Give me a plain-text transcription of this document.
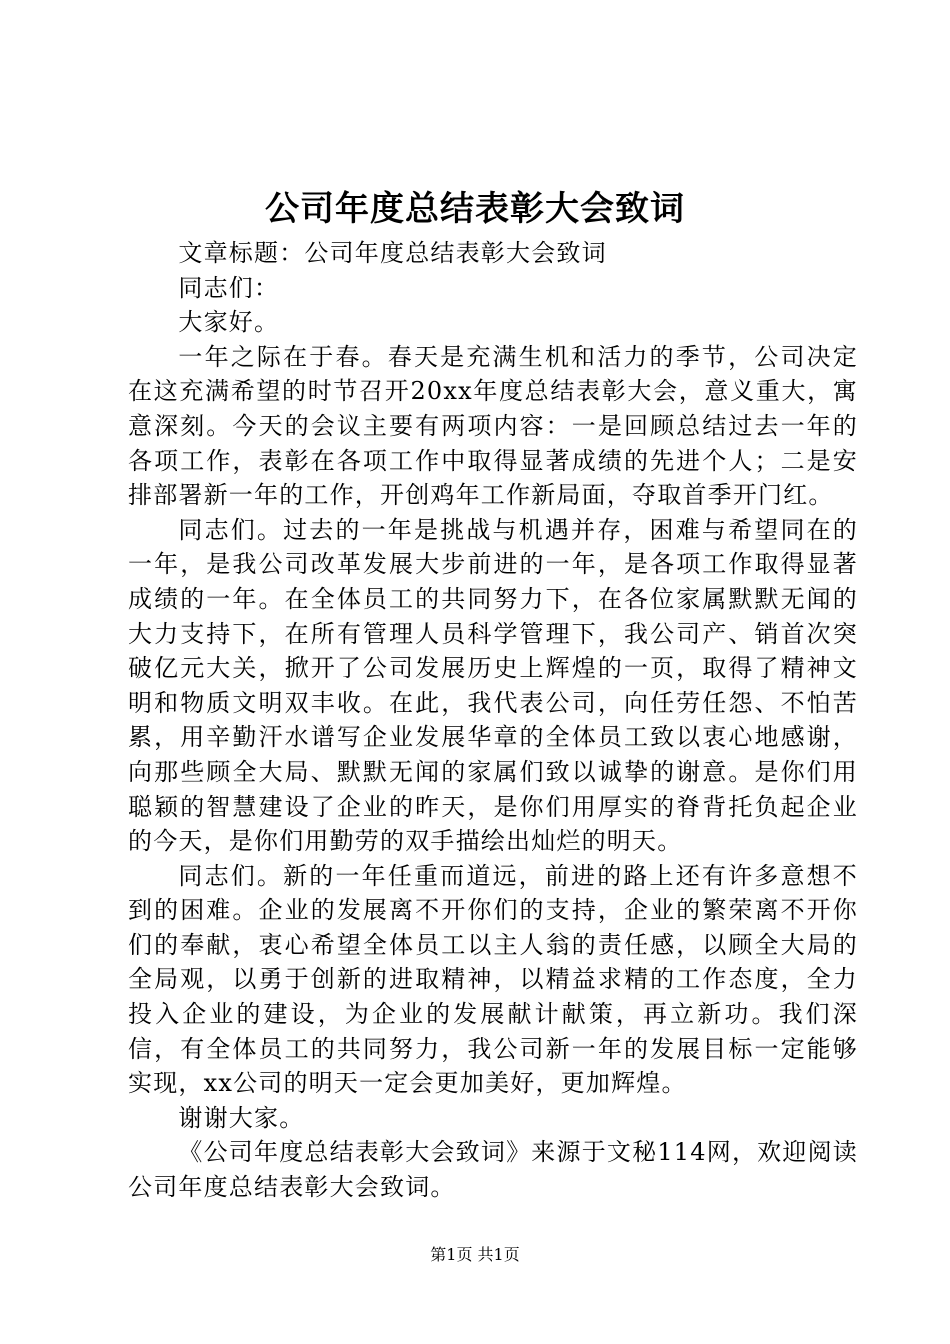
公司年度总结表彰大会致词

文章标题：公司年度总结表彰大会致词

同志们：

大家好。

一年之际在于春。春天是充满生机和活力的季节，公司决定在这充满希望的时节召开20xx年度总结表彰大会，意义重大，寓意深刻。今天的会议主要有两项内容：一是回顾总结过去一年的各项工作，表彰在各项工作中取得显著成绩的先进个人；二是安排部署新一年的工作，开创鸡年工作新局面，夺取首季开门红。

同志们。过去的一年是挑战与机遇并存，困难与希望同在的一年，是我公司改革发展大步前进的一年，是各项工作取得显著成绩的一年。在全体员工的共同努力下，在各位家属默默无闻的大力支持下，在所有管理人员科学管理下，我公司产、销首次突破亿元大关，掀开了公司发展历史上辉煌的一页，取得了精神文明和物质文明双丰收。在此，我代表公司，向任劳任怨、不怕苦累，用辛勤汗水谱写企业发展华章的全体员工致以衷心地感谢，向那些顾全大局、默默无闻的家属们致以诚挚的谢意。是你们用聪颖的智慧建设了企业的昨天，是你们用厚实的脊背托负起企业的今天，是你们用勤劳的双手描绘出灿烂的明天。

同志们。新的一年任重而道远，前进的路上还有许多意想不到的困难。企业的发展离不开你们的支持，企业的繁荣离不开你们的奉献，衷心希望全体员工以主人翁的责任感，以顾全大局的全局观，以勇于创新的进取精神，以精益求精的工作态度，全力投入企业的建设，为企业的发展献计献策，再立新功。我们深信，有全体员工的共同努力，我公司新一年的发展目标一定能够实现，xx公司的明天一定会更加美好，更加辉煌。

谢谢大家。

《公司年度总结表彰大会致词》来源于文秘114网，欢迎阅读公司年度总结表彰大会致词。

第1页 共1页
